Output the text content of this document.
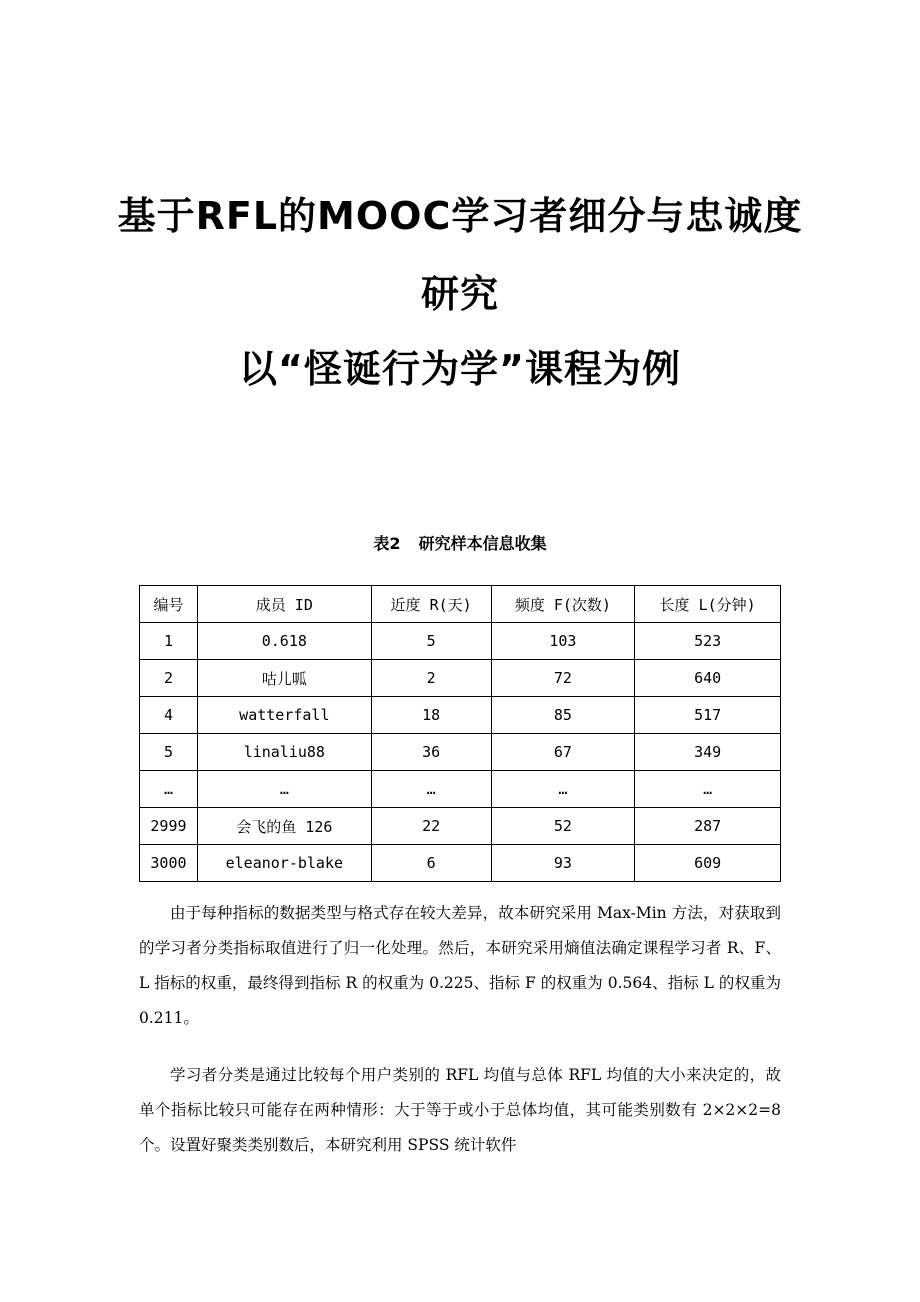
基于RFL的MOOC学习者细分与忠诚度
研究
以“怪诞行为学”课程为例
表2 研究样本信息收集
编号	成员 ID	近度 R(天)	频度 F(次数)	长度 L(分钟)
1	0.618	5	103	523
2	咕儿呱	2	72	640
4	watterfall	18	85	517
5	linaliu88	36	67	349
…	…	…	…	…
2999	会飞的鱼 126	22	52	287
3000	eleanor-blake	6	93	609

由于每种指标的数据类型与格式存在较大差异，故本研究采用 Max-Min 方法，对获取到的学习者分类指标取值进行了归一化处理。然后，本研究采用熵值法确定课程学习者 R、F、L 指标的权重，最终得到指标 R 的权重为 0.225、指标 F 的权重为 0.564、指标 L 的权重为 0.211。

学习者分类是通过比较每个用户类别的 RFL 均值与总体 RFL 均值的大小来决定的，故单个指标比较只可能存在两种情形：大于等于或小于总体均值，其可能类别数有 2×2×2=8 个。设置好聚类类别数后，本研究利用 SPSS 统计软件
